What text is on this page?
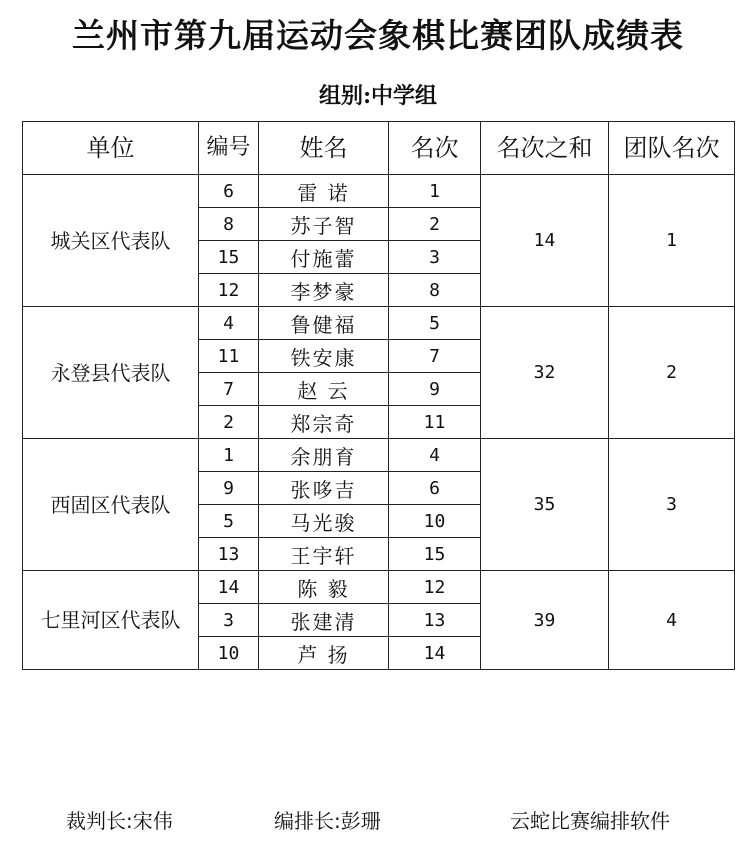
兰州市第九届运动会象棋比赛团队成绩表
组别:中学组
单位	编号	姓名	名次	名次之和	团队名次
城关区代表队	6	雷 诺	1	14	1
	8	苏子智	2		
	15	付施蕾	3		
	12	李梦豪	8		
永登县代表队	4	鲁健福	5	32	2
	11	铁安康	7		
	7	赵 云	9		
	2	郑宗奇	11		
西固区代表队	1	余朋育	4	35	3
	9	张哆吉	6		
	5	马光骏	10		
	13	王宇轩	15		
七里河区代表队	14	陈 毅	12	39	4
	3	张建清	13		
	10	芦 扬	14		
裁判长:宋伟	编排长:彭珊	云蛇比赛编排软件
